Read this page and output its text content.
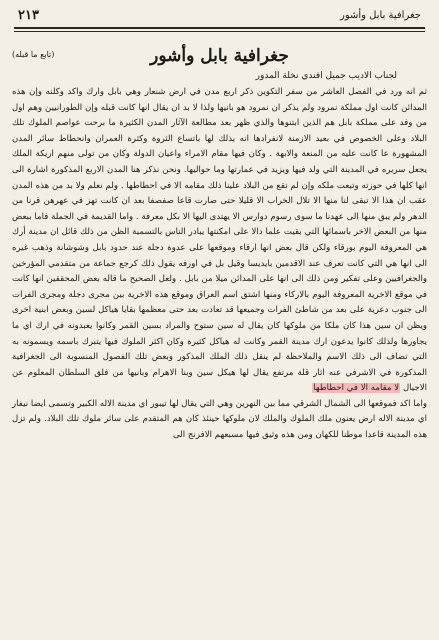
جغرافية بابل وأشور
٢١٣
جغرافية بابل وأشور
(تابع ما قبله)
لجناب الاديب جميل افندي نخلة المدور

ثم انه ورد في الفصل العاشر من سفر التكوين ذكر اربع مدن في ارض شنعار وهي بابل وارك واكد وكلنه وإن هذه المدائن كانت اول مملكة نمرود ولم يذكر ان نمرود هو بانيها ولذا لا بد ان يقال انها كانت قبله وإن الطورانيين وهم اول من وفد على مملكة بابل هم الذين ابتنوها والذي ظهر بعد مطالعة الآثار المدن الكثيرة ما برحت عواصم الملوك تلك البلاد وعلى الخصوص في بعيد الازمنة لانفرادها انه بذلك لها باتساع الثروة وكثرة العمران وانحطاط سائر المدن المشهورة عا كانت عليه من المنعة والابهة . وكان فيها مقام الامراء واعيان الدولة وكان من تولى منهم اريكة الملك يجعل سريره في المدينة التي ولد فيها ويزيد في عمارتها وما حواليها. ونحن نذكر هنا المدن الاربع المذكورة اشارة الى انها كلها في حوزته وتبعت ملكه وإن لم تقع من البلاد علينا ذلك مقامه الا في احطاطها . ولم نعلم ولا بد من هذه المدن عقب ان هذا الا تبقى لنا منها الا تلال الخراب الا قليلا حتى صارت قاعا صفصفا بعد ان كانت تهز في عهرهن قرنا من الدهر ولم يبق منها الى عهدنا ما سوى رسوم دوارس الا يهتدى اليها الا بكل معرفة . واما القديمة في الجملة فاما ببعض منها من البعض الاخر باسمائها التي بقيت علما دالا على امكنتها يبادر الناس بالتسمية الظن من ذلك قائل ان مدينة أرك هي المعروفة اليوم بورقاء ولكن قال بعض انها ارقاء وموقعها على عدوة دجلة عند حدود بابل وشوشانة وذهب غيره الى انها هي التي كانت تعرف عند الاقدمين بايديسا وقيل بل في اورفه يقول ذلك كرجع جماعة من متقدمي المؤرخين والجغرافيين وعلى تفكير ومن ذلك الى انها على المدائن ميلا من بابل . ولعل الصحيح ما قاله بعض المحققين انها كانت في موقع الاخرية المعروفة اليوم بالاركاء ومنها اشتق اسم العراق وموقع هذه الاخرية بين مجرى دجلة ومجرى الفرات الى جنوب دعرية على بعد من شاطئ الفرات وجميعها قد تعادت بعد حتى معظمها بقايا هياكل لسين وبعض ابنية اخرى ويظن ان سين هذا كان ملكا من ملوكها كان يقال له سين ستوح والمراد بسين القمر وكانوا يعبدونه في ارك اي ما يجاورها ولذلك كانوا يدعون ارك مدينة القمر وكانت له هياكل كثيرة وكان اكثر الملوك فيها يتبرك باسمه ويسمونه به التي تضاف الى ذلك الاسم والملاحظة لم ينقل ذلك الملك المذكور وبعض تلك الفصول المنسوبة الى الجغرافية المذكورة في الاشرفي عنه اثار قلة مرتفع يقال لها هيكل سين وبنا الاهرام وبانيها من فلق السلطان المعلوم عن الاجيال لا مقامه الا في احطاطها

واما اكد فموقعها الى الشمال الشرقي مما بين النهرين وهي التي يقال لها تيبور اي مدينة الاله الكبير وتسمى ايضا نيفار اي مدينة الاله ارض يعنون ملك الملوك والملك لان ملوكها حينئذ كان هم المتقدم على سائر ملوك تلك البلاد. ولم تزل هذه المدينة قاعدا موطنا للكهان ومن هذه وثيق فيها مسبعهم الافرنج الى
